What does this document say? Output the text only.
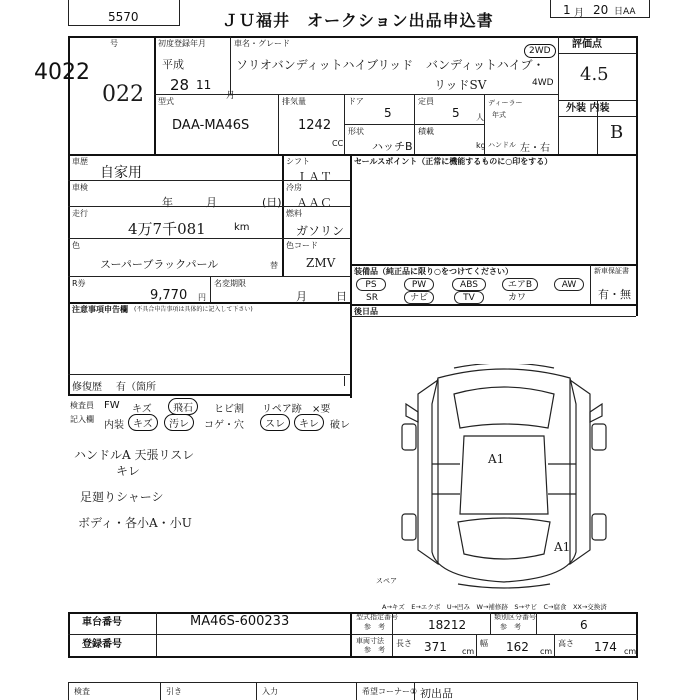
5570	ＪＵ福井　オークション出品申込書
1 月 20 日AA
4022
号
022
初度登録年月
平成
28 11
月
車名・グレード
ソリオバンディットハイブリッド バンディットハイブ・
リッドSV
2WD
4WD
評価点
4.5
型式
DAA-MA46S
排気量
1242
CC
ドア
5
定員
5 人
ディーラー
年式
形状
ハッチB
積載
kg ハンドル 左・右
外装 内装
B
車歴
自家用
車検
年	月	(日)
走行
4万7千081	km
色
スーパーブラックパール	替
R券
9,770 円
名変期限
月	日
シフト
ＩＡＴ
冷房
ＡＡＣ
燃料
ガソリン
色コード
ZMV
セールスポイント（正常に機能するものに○印をする）
装備品（純正品に限り○をつけてください）
PS	PW	ABS	エアB	AW
SR	ナビ	TV	カワ
新車保証書
有・無
後日品
注意事項申告欄 (不具合申告事項は具体的に記入して下さい)
修復歴 有（箇所
検査員
記入欄
FW キズ	飛石	ヒビ割 リペア跡 ×要
内装 キズ	汚レ	コゲ・穴	スレ	キレ	破レ
ハンドルA 天張リスレ
キレ
足廻りシャーシ
ボディ・各小A・小U
A1
A1
スペア
A→キズ　E→エクボ　U→凹み　W→補修跡　S→サビ　C→腐食　XX→交換済
車台番号	MA46S-600233
登録番号
型式指定番号
参　考	18212
類別区分番号
参　考	6
車両寸法
参　考
長さ 371 cm
幅 162 cm
高さ 174 cm
検査	引き	入力	希望コーナー① 初出品
